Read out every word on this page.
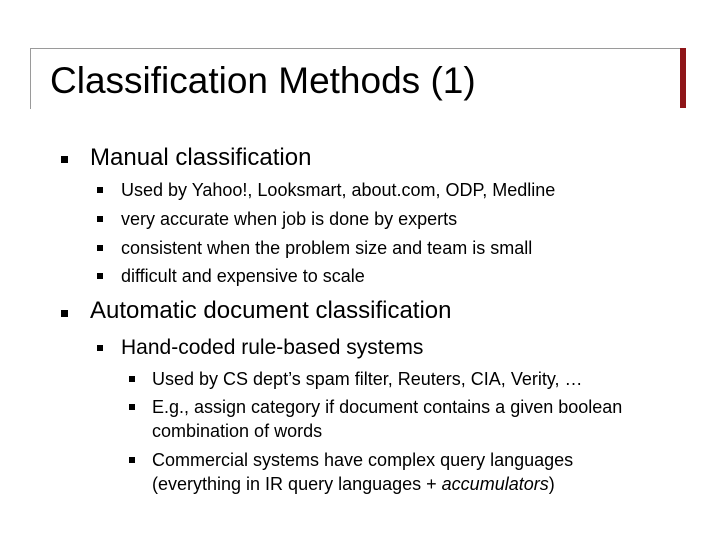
Classification Methods (1)
Manual classification
Used by Yahoo!, Looksmart, about.com, ODP, Medline
very accurate when job is done by experts
consistent when the problem size and team is small
difficult and expensive to scale
Automatic document classification
Hand-coded rule-based systems
Used by CS dept’s spam filter, Reuters, CIA, Verity, …
E.g., assign category if document contains a given boolean
combination of words
Commercial systems have complex query languages
(everything in IR query languages + accumulators)
